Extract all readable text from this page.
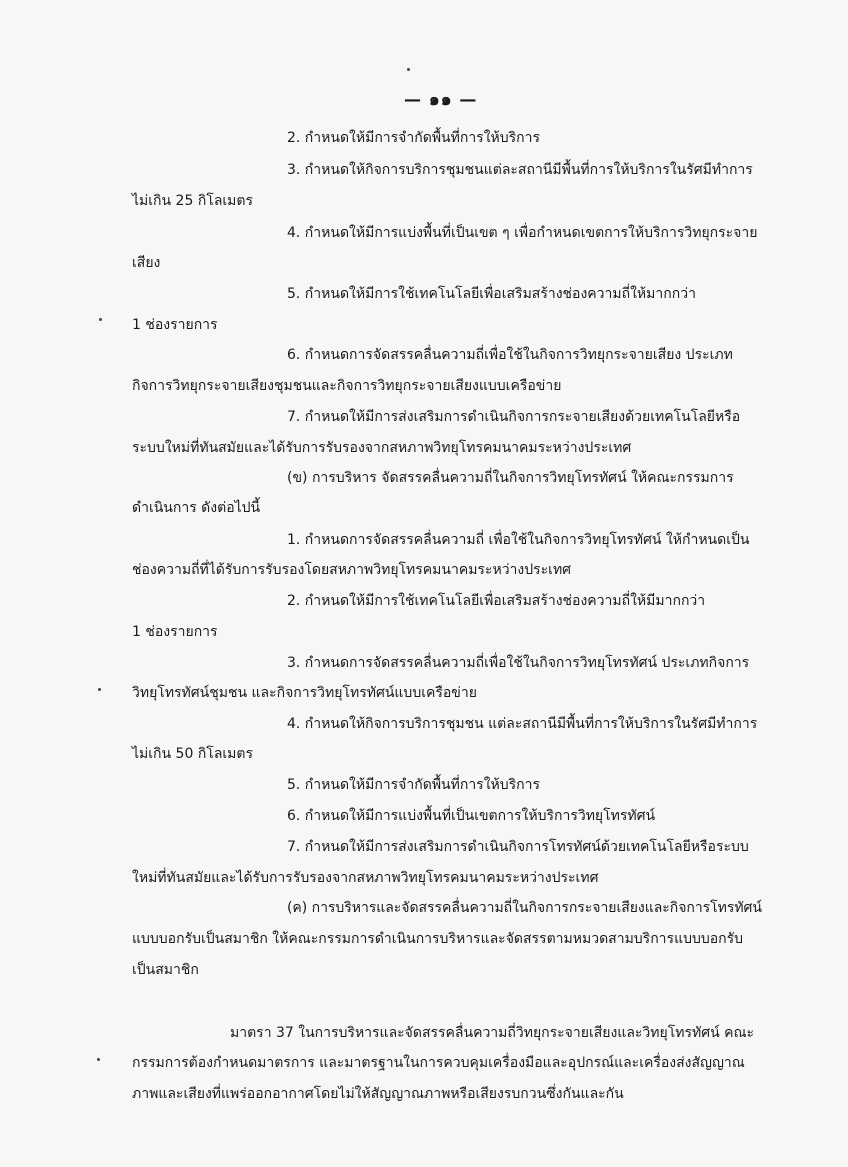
— ๑๑ —

2. กำหนดให้มีการจำกัดพื้นที่การให้บริการ

3. กำหนดให้กิจการบริการชุมชนแต่ละสถานีมีพื้นที่การให้บริการในรัศมีทำการ

ไม่เกิน 25 กิโลเมตร

4. กำหนดให้มีการแบ่งพื้นที่เป็นเขต ๆ เพื่อกำหนดเขตการให้บริการวิทยุกระจาย

เสียง

5. กำหนดให้มีการใช้เทคโนโลยีเพื่อเสริมสร้างช่องความถี่ให้มากกว่า

1 ช่องรายการ

6. กำหนดการจัดสรรคลื่นความถี่เพื่อใช้ในกิจการวิทยุกระจายเสียง ประเภท

กิจการวิทยุกระจายเสียงชุมชนและกิจการวิทยุกระจายเสียงแบบเครือข่าย

7. กำหนดให้มีการส่งเสริมการดำเนินกิจการกระจายเสียงด้วยเทคโนโลยีหรือ

ระบบใหม่ที่ทันสมัยและได้รับการรับรองจากสหภาพวิทยุโทรคมนาคมระหว่างประเทศ

(ข) การบริหาร จัดสรรคลื่นความถี่ในกิจการวิทยุโทรทัศน์ ให้คณะกรรมการ

ดำเนินการ ดังต่อไปนี้

1. กำหนดการจัดสรรคลื่นความถี่ เพื่อใช้ในกิจการวิทยุโทรทัศน์ ให้กำหนดเป็น

ช่องความถี่ที่ได้รับการรับรองโดยสหภาพวิทยุโทรคมนาคมระหว่างประเทศ

2. กำหนดให้มีการใช้เทคโนโลยีเพื่อเสริมสร้างช่องความถี่ให้มีมากกว่า

1 ช่องรายการ

3. กำหนดการจัดสรรคลื่นความถี่เพื่อใช้ในกิจการวิทยุโทรทัศน์ ประเภทกิจการ

วิทยุโทรทัศน์ชุมชน และกิจการวิทยุโทรทัศน์แบบเครือข่าย

4. กำหนดให้กิจการบริการชุมชน แต่ละสถานีมีพื้นที่การให้บริการในรัศมีทำการ

ไม่เกิน 50 กิโลเมตร

5. กำหนดให้มีการจำกัดพื้นที่การให้บริการ

6. กำหนดให้มีการแบ่งพื้นที่เป็นเขตการให้บริการวิทยุโทรทัศน์

7. กำหนดให้มีการส่งเสริมการดำเนินกิจการโทรทัศน์ด้วยเทคโนโลยีหรือระบบ

ใหม่ที่ทันสมัยและได้รับการรับรองจากสหภาพวิทยุโทรคมนาคมระหว่างประเทศ

(ค) การบริหารและจัดสรรคลื่นความถี่ในกิจการกระจายเสียงและกิจการโทรทัศน์

แบบบอกรับเป็นสมาชิก ให้คณะกรรมการดำเนินการบริหารและจัดสรรตามหมวดสามบริการแบบบอกรับ

เป็นสมาชิก

มาตรา 37 ในการบริหารและจัดสรรคลื่นความถี่วิทยุกระจายเสียงและวิทยุโทรทัศน์ คณะ

กรรมการต้องกำหนดมาตรการ และมาตรฐานในการควบคุมเครื่องมือและอุปกรณ์และเครื่องส่งสัญญาณ

ภาพและเสียงที่แพร่ออกอากาศโดยไม่ให้สัญญาณภาพหรือเสียงรบกวนซึ่งกันและกัน
